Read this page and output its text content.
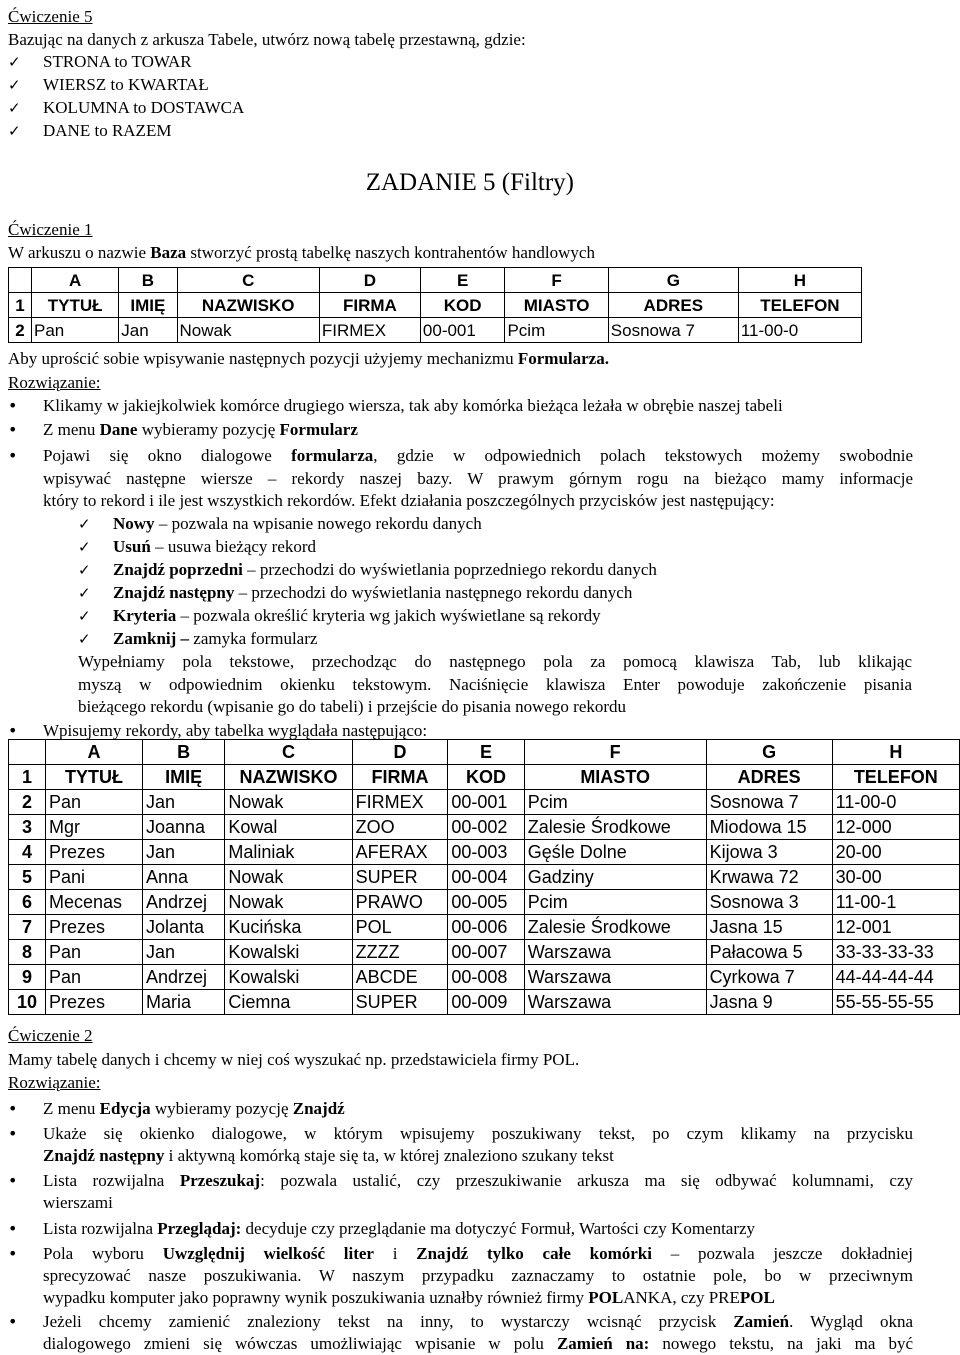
Ćwiczenie 5
Bazując na danych z arkusza Tabele, utwórz nową tabelę przestawną, gdzie:
✓ STRONA to TOWAR
✓ WIERSZ to KWARTAŁ
✓ KOLUMNA to DOSTAWCA
✓ DANE to RAZEM
ZADANIE 5 (Filtry)
Ćwiczenie 1
W arkuszu o nazwie Baza stworzyć prostą tabelkę naszych kontrahentów handlowych
	A	B	C	D	E	F	G	H
1	TYTUŁ	IMIĘ	NAZWISKO	FIRMA	KOD	MIASTO	ADRES	TELEFON
2	Pan	Jan	Nowak	FIRMEX	00-001	Pcim	Sosnowa 7	11-00-0
Aby uprościć sobie wpisywanie następnych pozycji użyjemy mechanizmu Formularza.
Rozwiązanie:
• Klikamy w jakiejkolwiek komórce drugiego wiersza, tak aby komórka bieżąca leżała w obrębie naszej tabeli
• Z menu Dane wybieramy pozycję Formularz
• Pojawi się okno dialogowe formularza, gdzie w odpowiednich polach tekstowych możemy swobodnie
wpisywać następne wiersze – rekordy naszej bazy. W prawym górnym rogu na bieżąco mamy informacje
który to rekord i ile jest wszystkich rekordów. Efekt działania poszczególnych przycisków jest następujący:
✓ Nowy – pozwala na wpisanie nowego rekordu danych
✓ Usuń – usuwa bieżący rekord
✓ Znajdź poprzedni – przechodzi do wyświetlania poprzedniego rekordu danych
✓ Znajdź następny – przechodzi do wyświetlania następnego rekordu danych
✓ Kryteria – pozwala określić kryteria wg jakich wyświetlane są rekordy
✓ Zamknij – zamyka formularz
Wypełniamy pola tekstowe, przechodząc do następnego pola za pomocą klawisza Tab, lub klikając
myszą w odpowiednim okienku tekstowym. Naciśnięcie klawisza Enter powoduje zakończenie pisania
bieżącego rekordu (wpisanie go do tabeli) i przejście do pisania nowego rekordu
• Wpisujemy rekordy, aby tabelka wyglądała następująco:
	A	B	C	D	E	F	G	H
1	TYTUŁ	IMIĘ	NAZWISKO	FIRMA	KOD	MIASTO	ADRES	TELEFON
2	Pan	Jan	Nowak	FIRMEX	00-001	Pcim	Sosnowa 7	11-00-0
3	Mgr	Joanna	Kowal	ZOO	00-002	Zalesie Środkowe	Miodowa 15	12-000
4	Prezes	Jan	Maliniak	AFERAX	00-003	Gęśle Dolne	Kijowa 3	20-00
5	Pani	Anna	Nowak	SUPER	00-004	Gadziny	Krwawa 72	30-00
6	Mecenas	Andrzej	Nowak	PRAWO	00-005	Pcim	Sosnowa 3	11-00-1
7	Prezes	Jolanta	Kucińska	POL	00-006	Zalesie Środkowe	Jasna 15	12-001
8	Pan	Jan	Kowalski	ZZZZ	00-007	Warszawa	Pałacowa 5	33-33-33-33
9	Pan	Andrzej	Kowalski	ABCDE	00-008	Warszawa	Cyrkowa 7	44-44-44-44
10	Prezes	Maria	Ciemna	SUPER	00-009	Warszawa	Jasna 9	55-55-55-55
Ćwiczenie 2
Mamy tabelę danych i chcemy w niej coś wyszukać np. przedstawiciela firmy POL.
Rozwiązanie:
• Z menu Edycja wybieramy pozycję Znajdź
• Ukaże się okienko dialogowe, w którym wpisujemy poszukiwany tekst, po czym klikamy na przycisku
Znajdź następny i aktywną komórką staje się ta, w której znaleziono szukany tekst
• Lista rozwijalna Przeszukaj: pozwala ustalić, czy przeszukiwanie arkusza ma się odbywać kolumnami, czy
wierszami
• Lista rozwijalna Przeglądaj: decyduje czy przeglądanie ma dotyczyć Formuł, Wartości czy Komentarzy
• Pola wyboru Uwzględnij wielkość liter i Znajdź tylko całe komórki – pozwala jeszcze dokładniej
sprecyzować nasze poszukiwania. W naszym przypadku zaznaczamy to ostatnie pole, bo w przeciwnym
wypadku komputer jako poprawny wynik poszukiwania uznałby również firmy POLANKA, czy PREPOL
• Jeżeli chcemy zamienić znaleziony tekst na inny, to wystarczy wcisnąć przycisk Zamień. Wygląd okna
dialogowego zmieni się wówczas umożliwiając wpisanie w polu Zamień na: nowego tekstu, na jaki ma być
